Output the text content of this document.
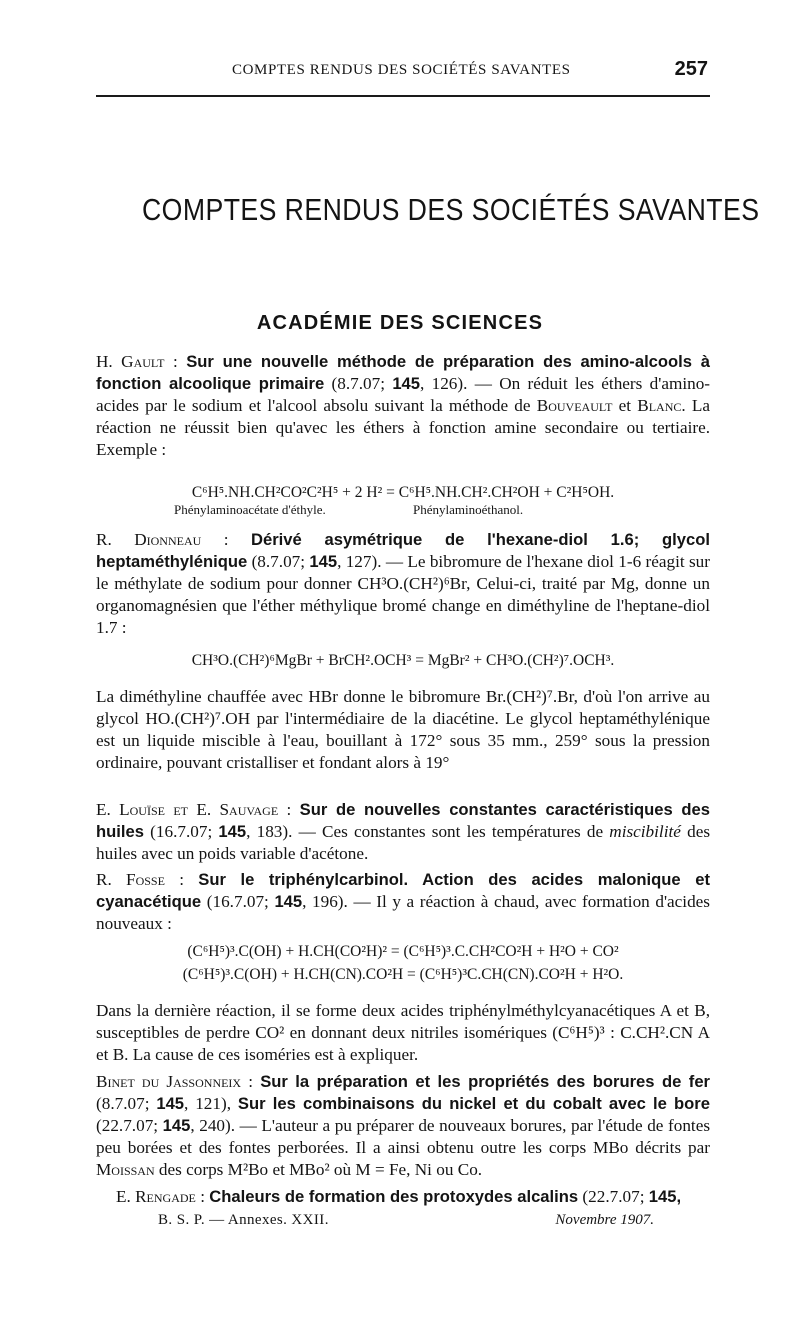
COMPTES RENDUS DES SOCIÉTÉS SAVANTES	257
COMPTES RENDUS DES SOCIÉTÉS SAVANTES
ACADÉMIE DES SCIENCES
H. Gault : Sur une nouvelle méthode de préparation des amino-alcools à fonction alcoolique primaire (8.7.07; 145, 126). — On réduit les éthers d'amino-acides par le sodium et l'alcool absolu suivant la méthode de Bouveault et Blanc. La réaction ne réussit bien qu'avec les éthers à fonction amine secondaire ou tertiaire. Exemple :
C⁶H⁵.NH.CH²CO²C²H⁵ + 2 H² = C⁶H⁵.NH.CH².CH²OH + C²H⁵OH.
Phénylaminoacétate d'éthyle.	Phénylaminoéthanol.
R. Dionneau : Dérivé asymétrique de l'hexane-diol 1.6; glycol heptaméthylénique (8.7.07; 145, 127). — Le bibromure de l'hexane diol 1-6 réagit sur le méthylate de sodium pour donner CH³O.(CH²)⁶Br, Celui-ci, traité par Mg, donne un organomagnésien que l'éther méthylique bromé change en diméthyline de l'heptane-diol 1.7 :
CH³O.(CH²)⁶MgBr + BrCH².OCH³ = MgBr² + CH³O.(CH²)⁷.OCH³.
La diméthyline chauffée avec HBr donne le bibromure Br.(CH²)⁷.Br, d'où l'on arrive au glycol HO.(CH²)⁷.OH par l'intermédiaire de la diacétine. Le glycol heptaméthylénique est un liquide miscible à l'eau, bouillant à 172° sous 35 mm., 259° sous la pression ordinaire, pouvant cristalliser et fondant alors à 19°
E. Louïse et E. Sauvage : Sur de nouvelles constantes caractéristiques des huiles (16.7.07; 145, 183). — Ces constantes sont les températures de miscibilité des huiles avec un poids variable d'acétone.
R. Fosse : Sur le triphénylcarbinol. Action des acides malonique et cyanacétique (16.7.07; 145, 196). — Il y a réaction à chaud, avec formation d'acides nouveaux :
(C⁶H⁵)³.C(OH) + H.CH(CO²H)² = (C⁶H⁵)³.C.CH²CO²H + H²O + CO²
(C⁶H⁵)³.C(OH) + H.CH(CN).CO²H = (C⁶H⁵)³C.CH(CN).CO²H + H²O.
Dans la dernière réaction, il se forme deux acides triphénylméthylcyanacétiques A et B, susceptibles de perdre CO² en donnant deux nitriles isomériques (C⁶H⁵)³ : C.CH².CN A et B. La cause de ces isoméries est à expliquer.
Binet du Jassonneix : Sur la préparation et les propriétés des borures de fer (8.7.07; 145, 121), Sur les combinaisons du nickel et du cobalt avec le bore (22.7.07; 145, 240). — L'auteur a pu préparer de nouveaux borures, par l'étude de fontes peu borées et des fontes perborées. Il a ainsi obtenu outre les corps MBo décrits par Moissan des corps M²Bo et MBo² où M = Fe, Ni ou Co.
E. Rengade : Chaleurs de formation des protoxydes alcalins (22.7.07; 145,
B. S. P. — Annexes. XXII.	Novembre 1907.
